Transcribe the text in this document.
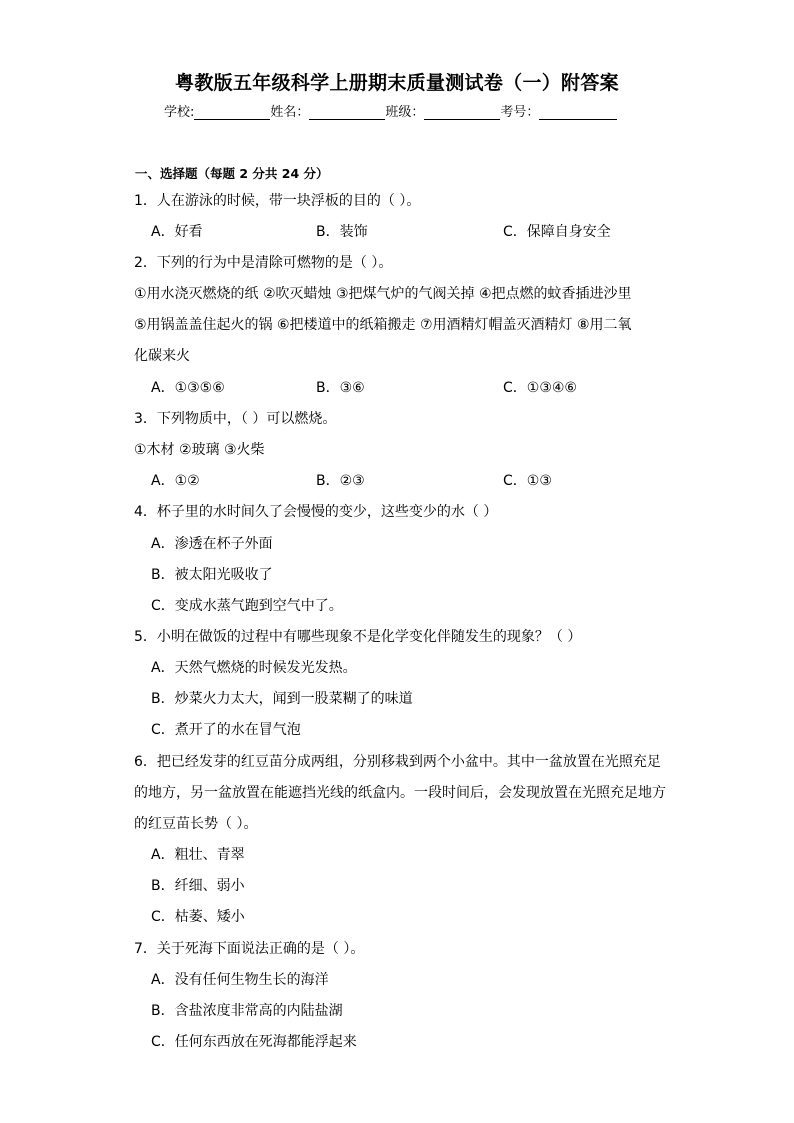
粤教版五年级科学上册期末质量测试卷（一）附答案
学校:	姓名：	班级：	考号：
一、选择题（每题 2 分共 24 分）
1．人在游泳的时候，带一块浮板的目的（ ）。
A．好看	B．装饰	C．保障自身安全
2．下列的行为中是清除可燃物的是（ ）。
①用水浇灭燃烧的纸 ②吹灭蜡烛 ③把煤气炉的气阀关掉 ④把点燃的蚊香插进沙里
⑤用锅盖盖住起火的锅 ⑥把楼道中的纸箱搬走 ⑦用酒精灯帽盖灭酒精灯 ⑧用二氧
化碳来火
A．①③⑤⑥	B．③⑥	C．①③④⑥
3．下列物质中，（ ）可以燃烧。
①木材 ②玻璃 ③火柴
A．①②	B．②③	C．①③
4．杯子里的水时间久了会慢慢的变少，这些变少的水（ ）
A．渗透在杯子外面
B．被太阳光吸收了
C．变成水蒸气跑到空气中了。
5．小明在做饭的过程中有哪些现象不是化学变化伴随发生的现象？（ ）
A．天然气燃烧的时候发光发热。
B．炒菜火力太大，闻到一股菜糊了的味道
C．煮开了的水在冒气泡
6．把已经发芽的红豆苗分成两组，分别移栽到两个小盆中。其中一盆放置在光照充足
的地方，另一盆放置在能遮挡光线的纸盒内。一段时间后，会发现放置在光照充足地方
的红豆苗长势（ ）。
A．粗壮、青翠
B．纤细、弱小
C．枯萎、矮小
7．关于死海下面说法正确的是（ ）。
A．没有任何生物生长的海洋
B．含盐浓度非常高的内陆盐湖
C．任何东西放在死海都能浮起来
